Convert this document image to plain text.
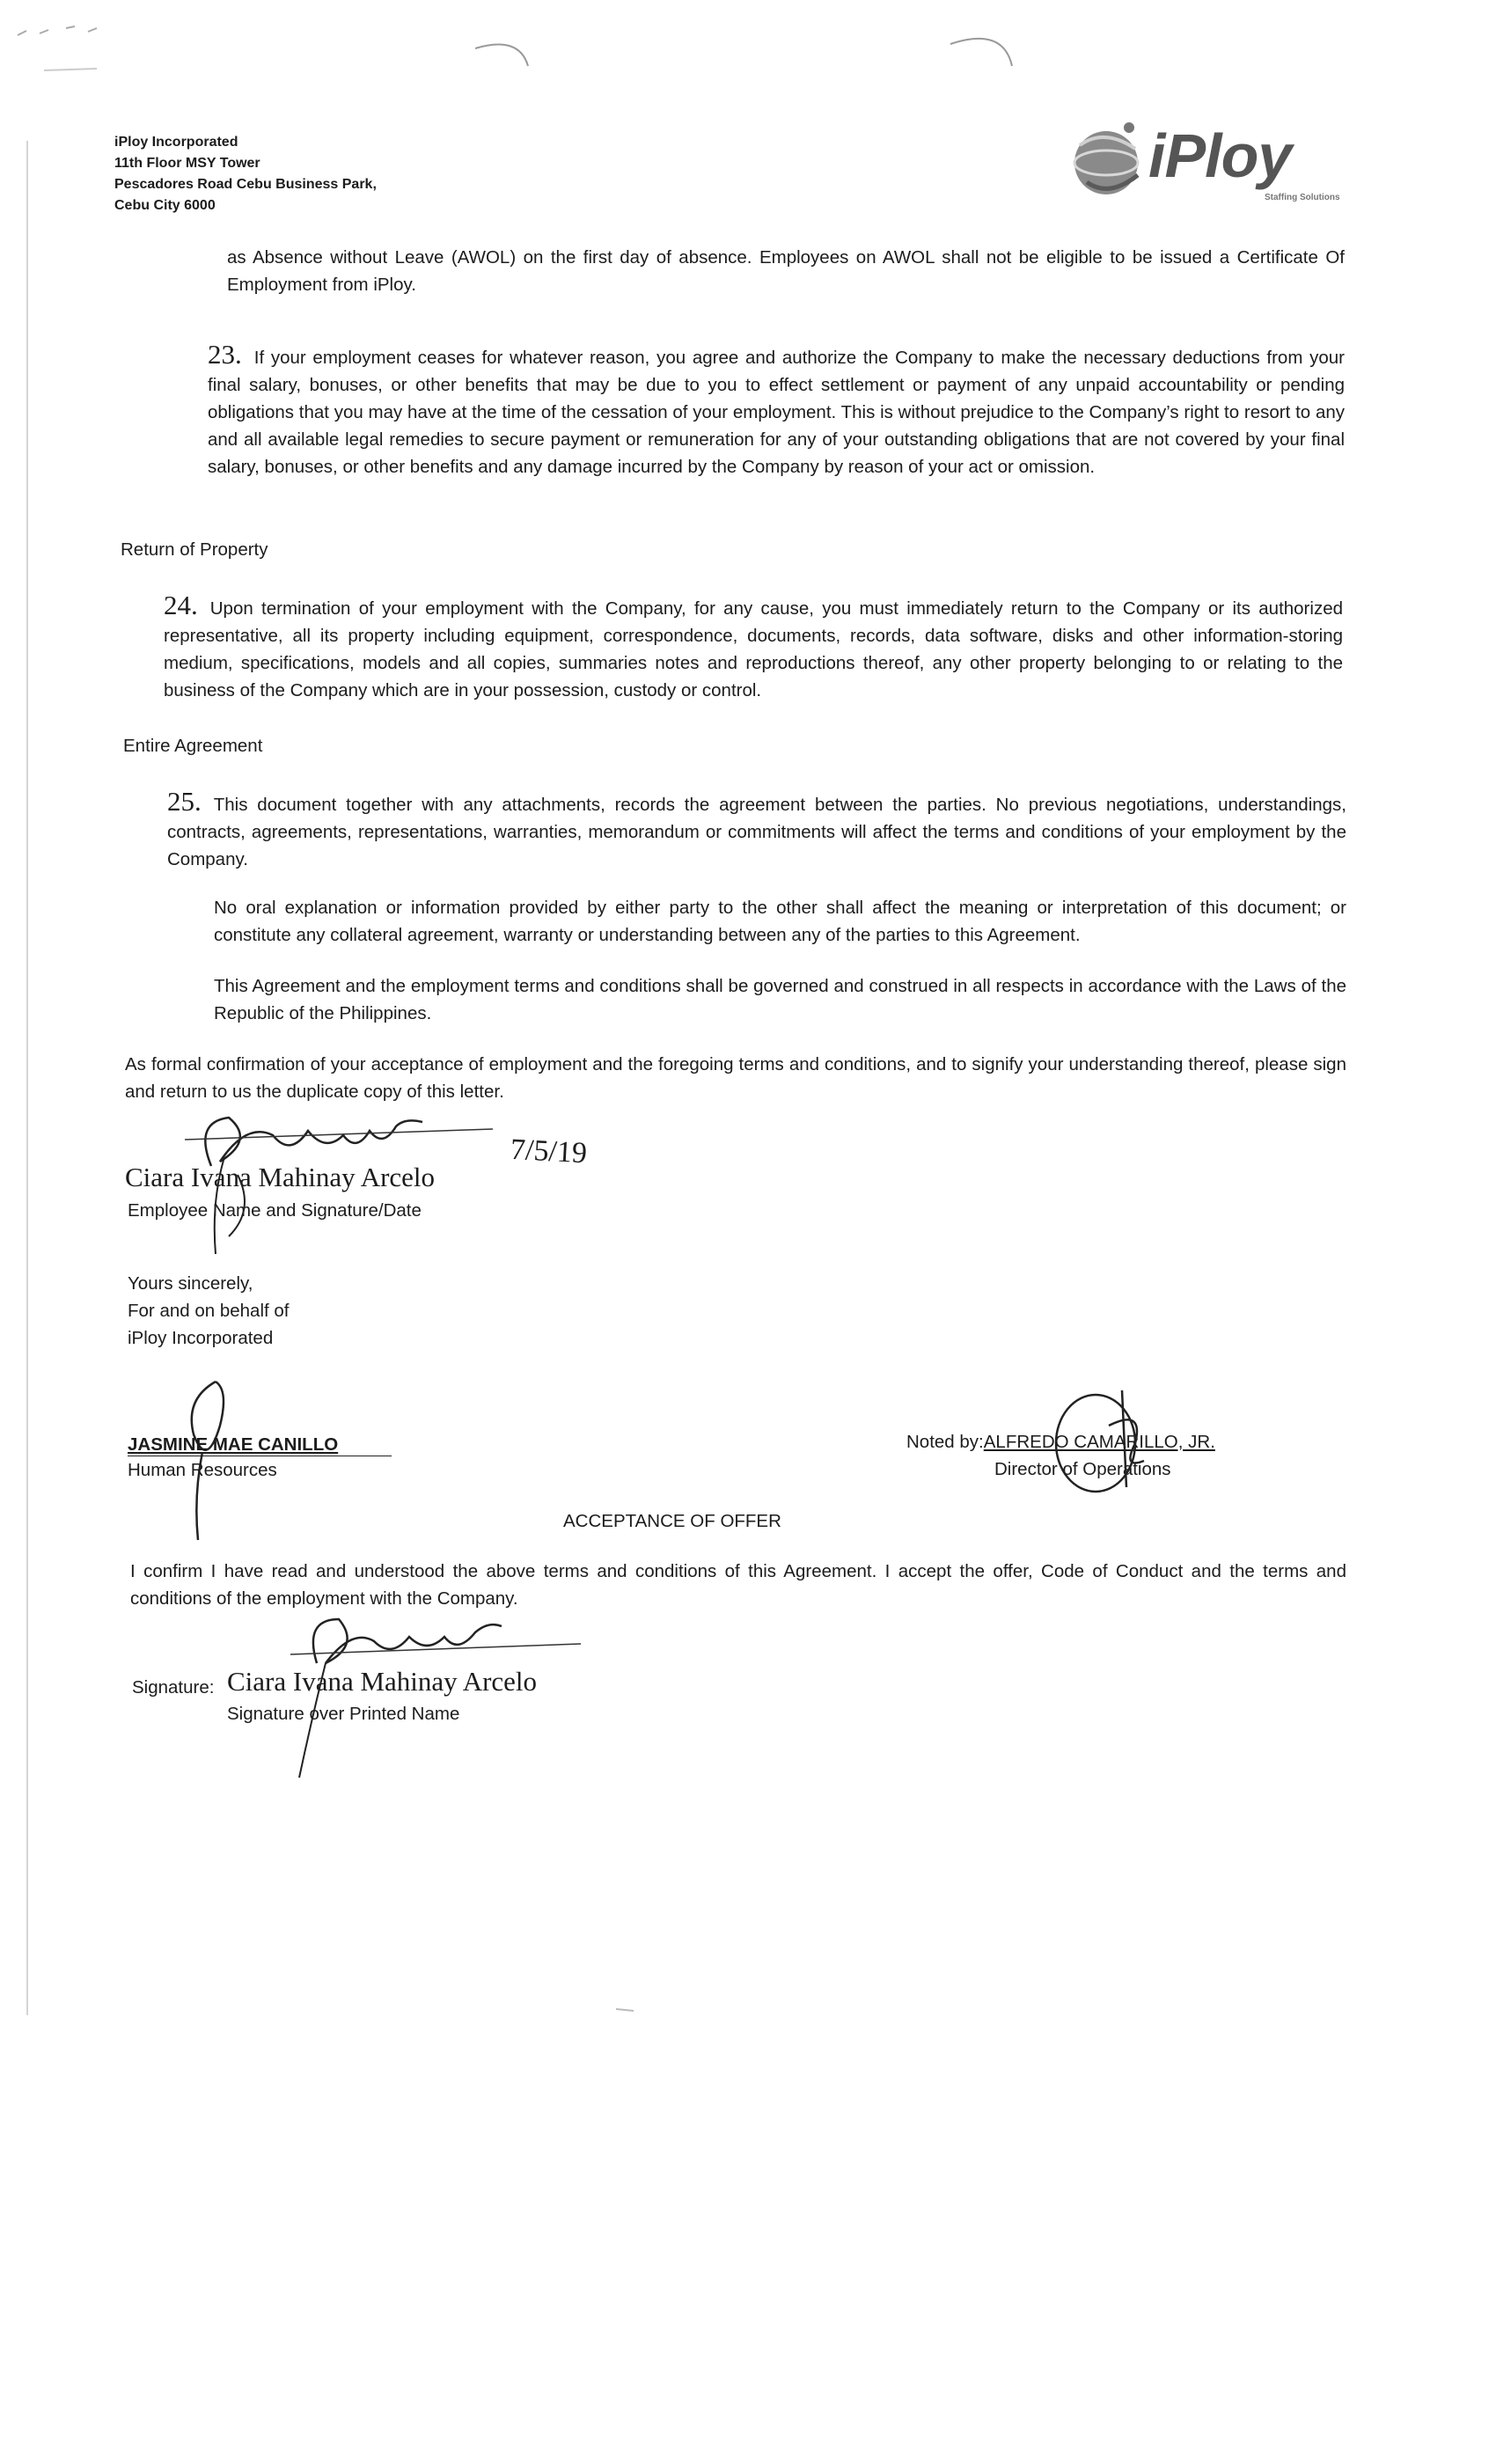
iPloy Incorporated
11th Floor MSY Tower
Pescadores Road Cebu Business Park,
Cebu City 6000
iPloy
Staffing Solutions
as Absence without Leave (AWOL) on the first day of absence. Employees on AWOL shall not be eligible to be issued a Certificate Of Employment from iPloy.
23. If your employment ceases for whatever reason, you agree and authorize the Company to make the necessary deductions from your final salary, bonuses, or other benefits that may be due to you to effect settlement or payment of any unpaid accountability or pending obligations that you may have at the time of the cessation of your employment. This is without prejudice to the Company’s right to resort to any and all available legal remedies to secure payment or remuneration for any of your outstanding obligations that are not covered by your final salary, bonuses, or other benefits and any damage incurred by the Company by reason of your act or omission.
Return of Property
24. Upon termination of your employment with the Company, for any cause, you must immediately return to the Company or its authorized representative, all its property including equipment, correspondence, documents, records, data software, disks and other information-storing medium, specifications, models and all copies, summaries notes and reproductions thereof, any other property belonging to or relating to the business of the Company which are in your possession, custody or control.
Entire Agreement
25. This document together with any attachments, records the agreement between the parties. No previous negotiations, understandings, contracts, agreements, representations, warranties, memorandum or commitments will affect the terms and conditions of your employment by the Company.
No oral explanation or information provided by either party to the other shall affect the meaning or interpretation of this document; or constitute any collateral agreement, warranty or understanding between any of the parties to this Agreement.
This Agreement and the employment terms and conditions shall be governed and construed in all respects in accordance with the Laws of the Republic of the Philippines.
As formal confirmation of your acceptance of employment and the foregoing terms and conditions, and to signify your understanding thereof, please sign and return to us the duplicate copy of this letter.
Ciara Ivana Mahinay Arcelo
7/5/19
Employee Name and Signature/Date
Yours sincerely,
For and on behalf of
iPloy Incorporated
JASMINE MAE CANILLO
Human Resources
Noted by:ALFREDO CAMARILLO, JR.
Director of Operations
ACCEPTANCE OF OFFER
I confirm I have read and understood the above terms and conditions of this Agreement. I accept the offer, Code of Conduct and the terms and conditions of the employment with the Company.
Signature: Ciara Ivana Mahinay Arcelo
Signature over Printed Name
